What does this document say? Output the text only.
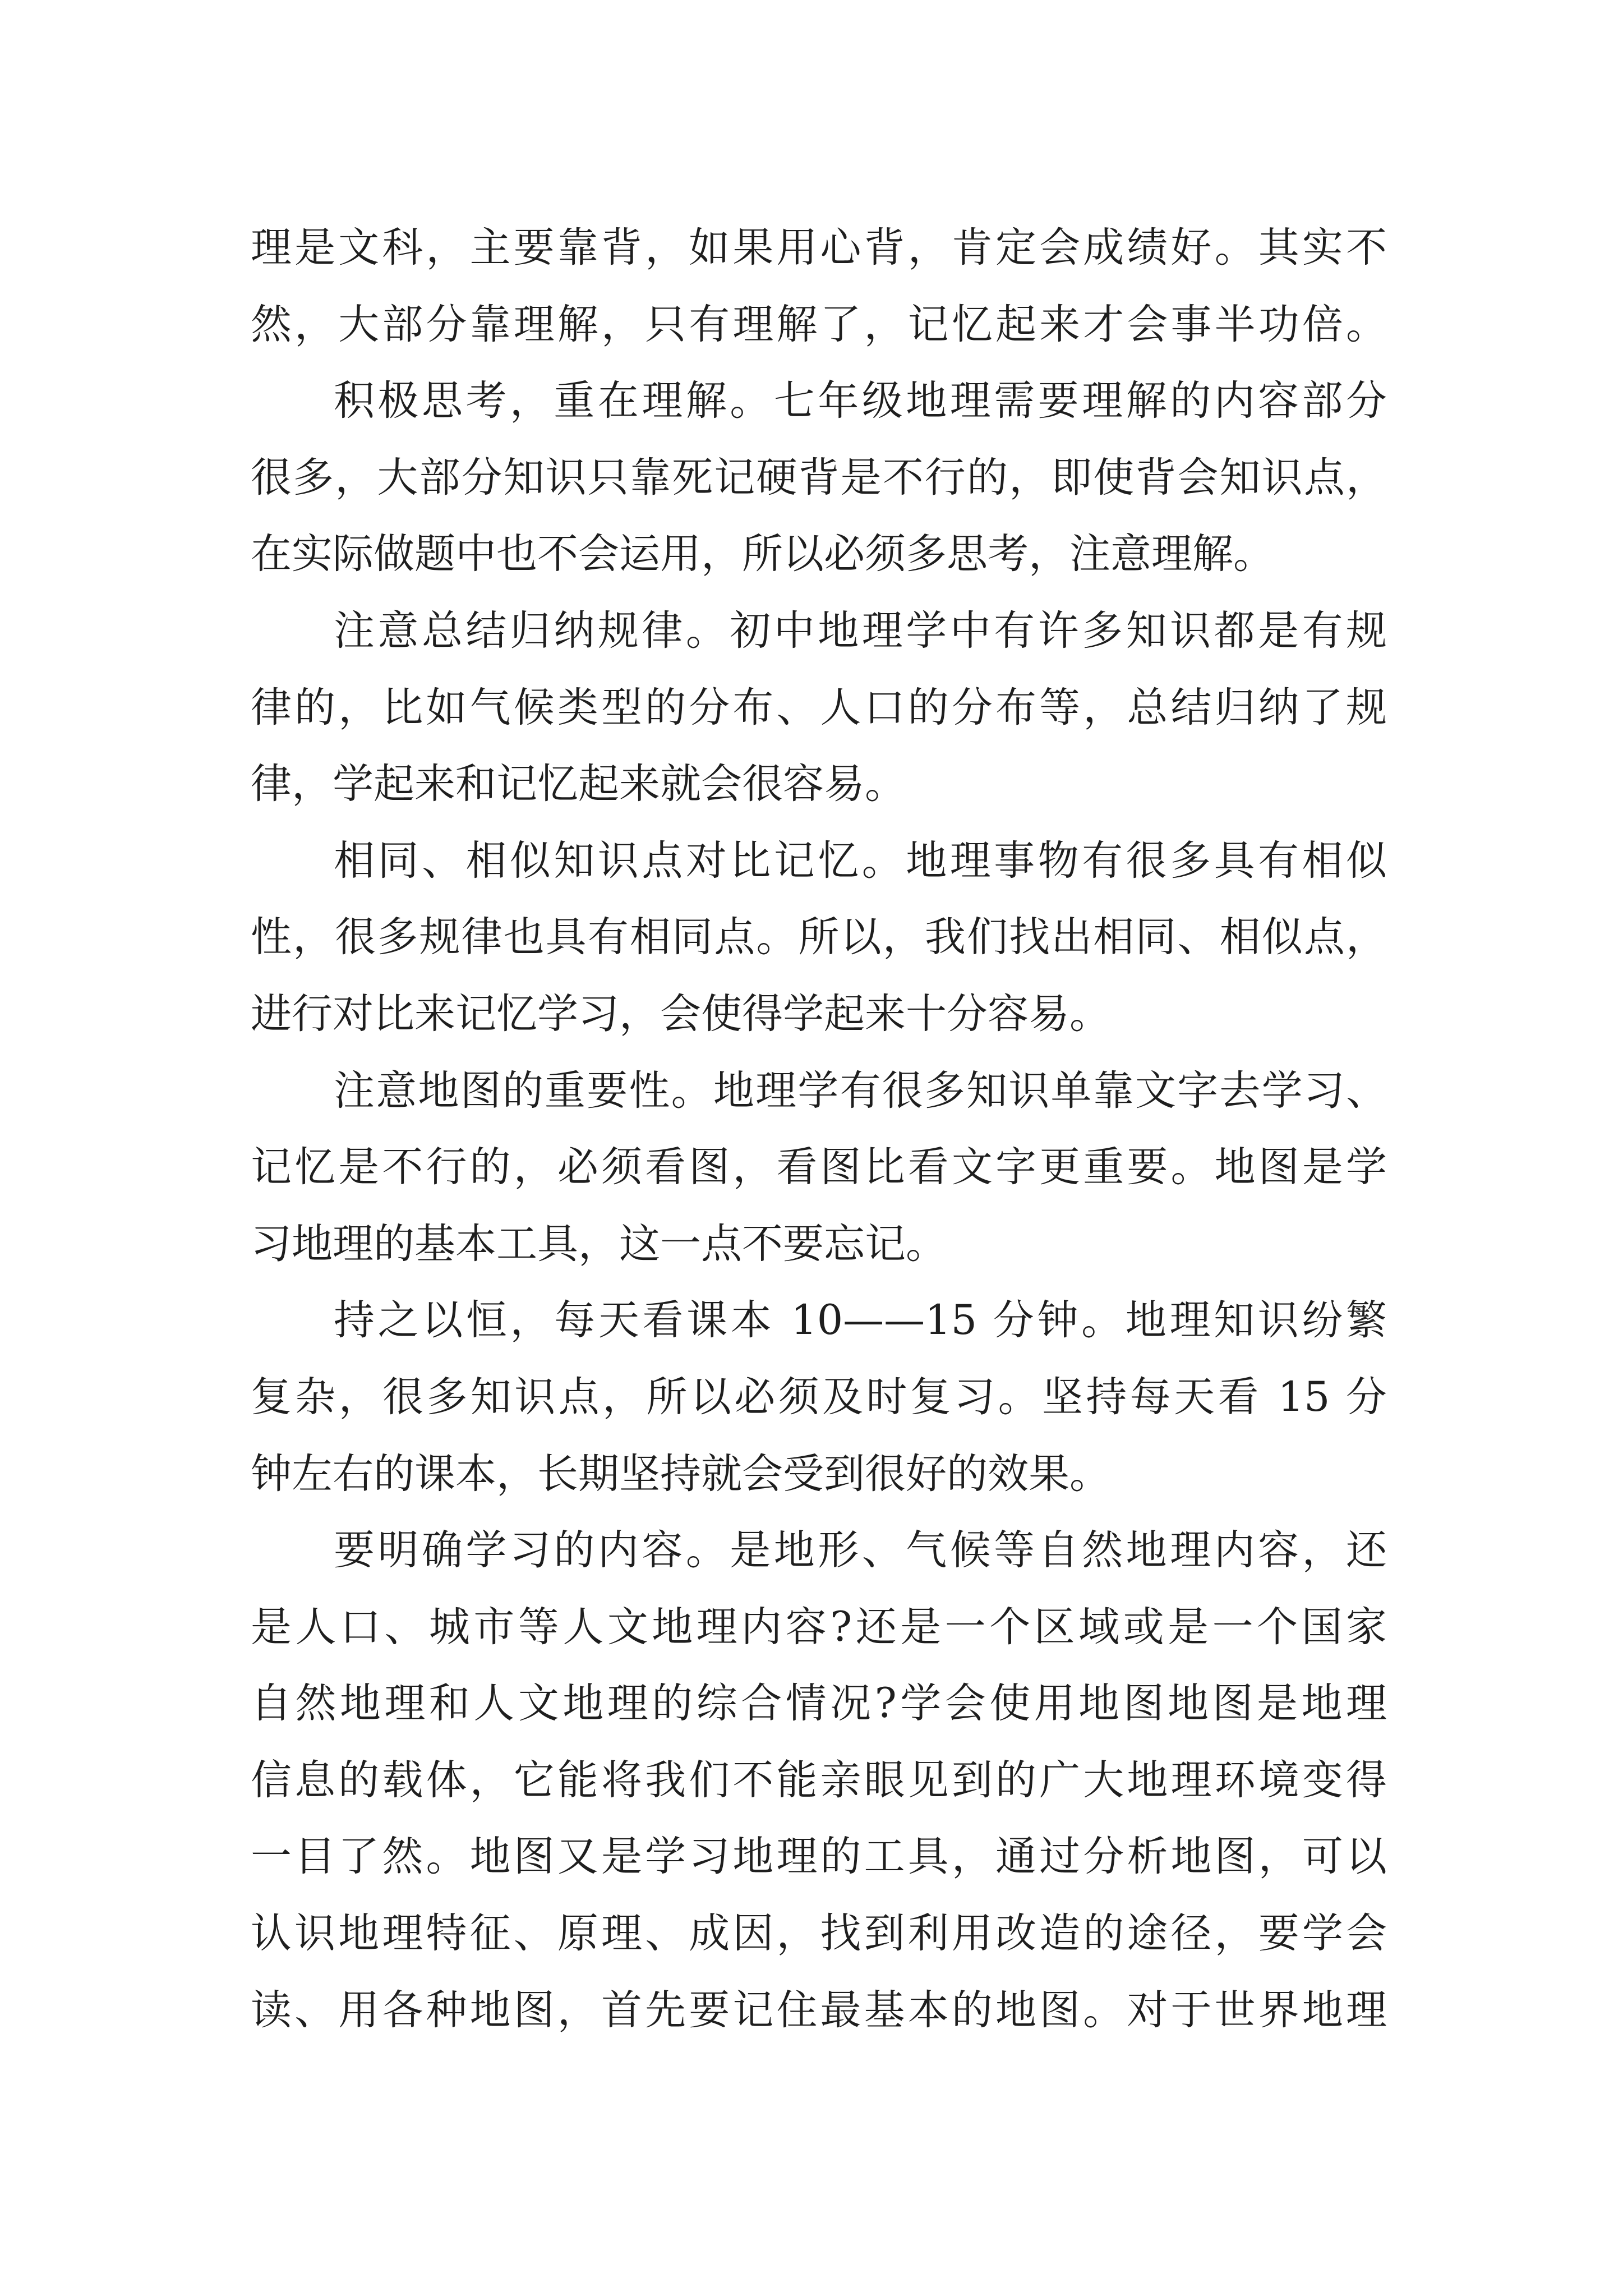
理是文科，主要靠背，如果用心背，肯定会成绩好。其实不
然，大部分靠理解，只有理解了，记忆起来才会事半功倍。
积极思考，重在理解。七年级地理需要理解的内容部分
很多，大部分知识只靠死记硬背是不行的，即使背会知识点，
在实际做题中也不会运用，所以必须多思考，注意理解。
注意总结归纳规律。初中地理学中有许多知识都是有规
律的，比如气候类型的分布、人口的分布等，总结归纳了规
律，学起来和记忆起来就会很容易。
相同、相似知识点对比记忆。地理事物有很多具有相似
性，很多规律也具有相同点。所以，我们找出相同、相似点，
进行对比来记忆学习，会使得学起来十分容易。
注意地图的重要性。地理学有很多知识单靠文字去学习、
记忆是不行的，必须看图，看图比看文字更重要。地图是学
习地理的基本工具，这一点不要忘记。
持之以恒，每天看课本 10——15 分钟。地理知识纷繁
复杂，很多知识点，所以必须及时复习。坚持每天看 15 分
钟左右的课本，长期坚持就会受到很好的效果。
要明确学习的内容。是地形、气候等自然地理内容，还
是人口、城市等人文地理内容?还是一个区域或是一个国家
自然地理和人文地理的综合情况?学会使用地图地图是地理
信息的载体，它能将我们不能亲眼见到的广大地理环境变得
一目了然。地图又是学习地理的工具，通过分析地图，可以
认识地理特征、原理、成因，找到利用改造的途径，要学会
读、用各种地图，首先要记住最基本的地图。对于世界地理
